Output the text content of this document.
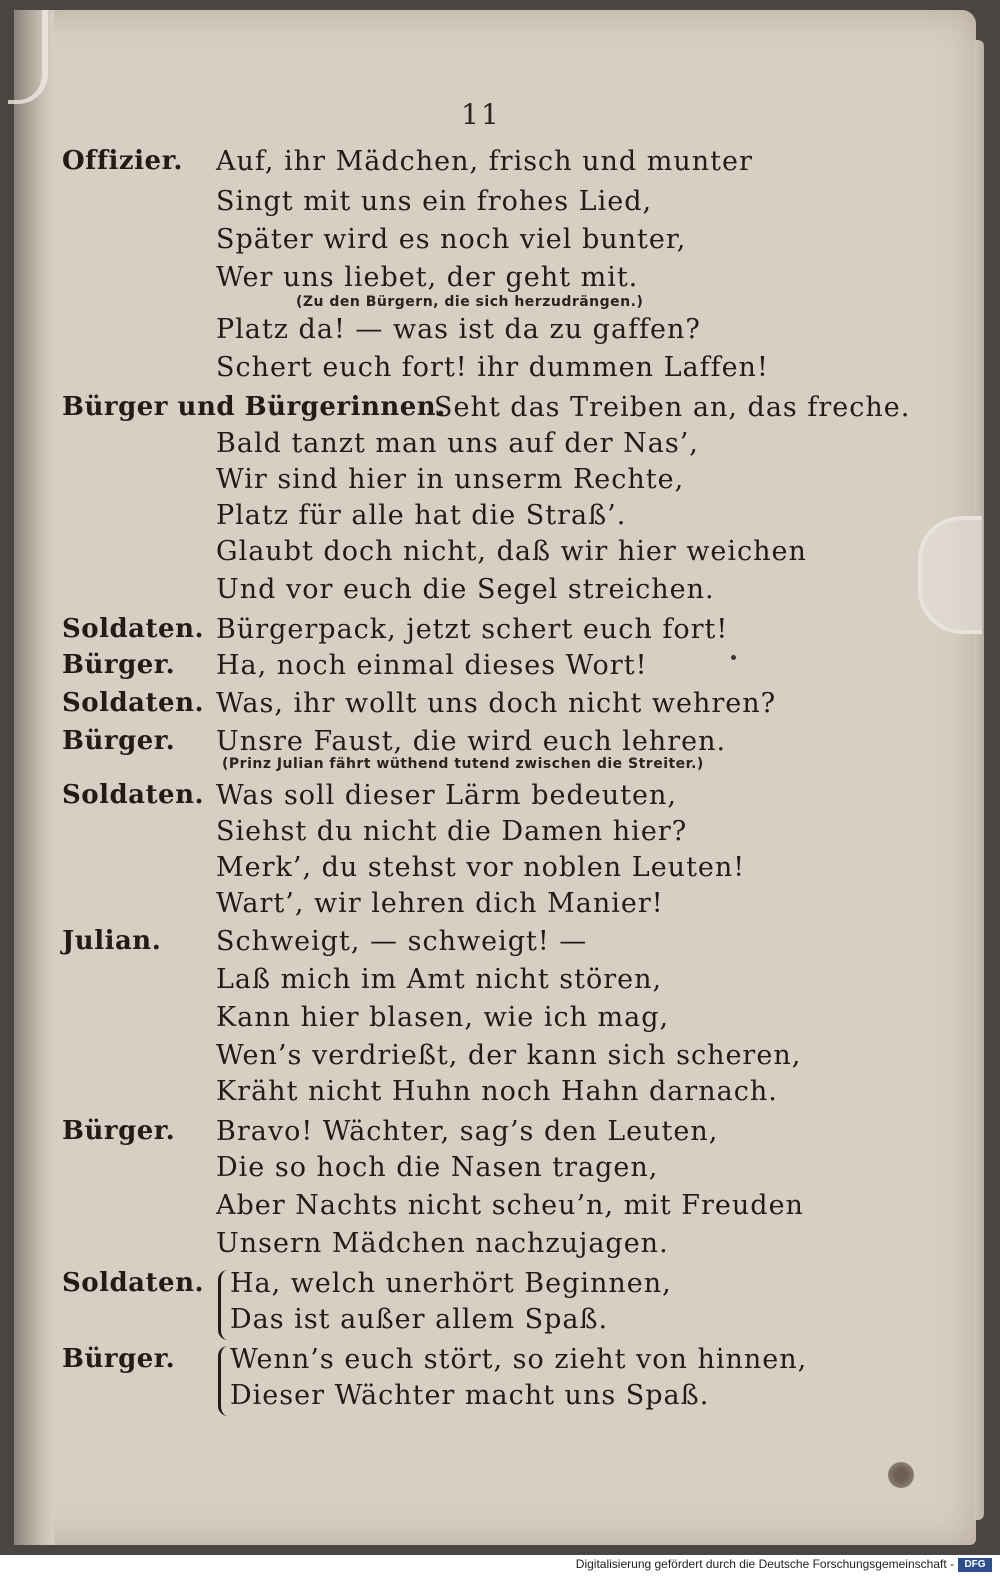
11
Offizier. Auf, ihr Mädchen, frisch und munter
Singt mit uns ein frohes Lied,
Später wird es noch viel bunter,
Wer uns liebet, der geht mit.
(Zu den Bürgern, die sich herzudrängen.)
Platz da! — was ist da zu gaffen?
Schert euch fort! ihr dummen Laffen!
Bürger und Bürgerinnen.
Seht das Treiben an, das freche.
Bald tanzt man uns auf der Nas’,
Wir sind hier in unserm Rechte,
Platz für alle hat die Straß’.
Glaubt doch nicht, daß wir hier weichen
Und vor euch die Segel streichen.
Soldaten. Bürgerpack, jetzt schert euch fort!
Bürger. Ha, noch einmal dieses Wort!
Soldaten. Was, ihr wollt uns doch nicht wehren?
Bürger. Unsre Faust, die wird euch lehren.
(Prinz Julian fährt wüthend tutend zwischen die Streiter.)
Soldaten. Was soll dieser Lärm bedeuten,
Siehst du nicht die Damen hier?
Merk’, du stehst vor noblen Leuten!
Wart’, wir lehren dich Manier!
Julian. Schweigt, — schweigt! —
Laß mich im Amt nicht stören,
Kann hier blasen, wie ich mag,
Wen’s verdrießt, der kann sich scheren,
Kräht nicht Huhn noch Hahn darnach.
Bürger. Bravo! Wächter, sag’s den Leuten,
Die so hoch die Nasen tragen,
Aber Nachts nicht scheu’n, mit Freuden
Unsern Mädchen nachzujagen.
Soldaten. Ha, welch unerhört Beginnen,
Das ist außer allem Spaß.
Bürger. Wenn’s euch stört, so zieht von hinnen,
Dieser Wächter macht uns Spaß.
Digitalisierung gefördert durch die Deutsche Forschungsgemeinschaft -	DFG
